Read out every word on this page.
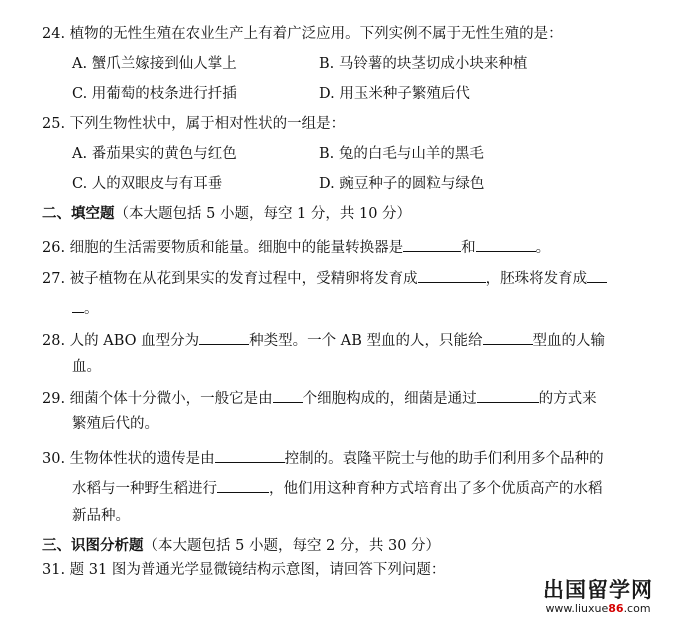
24. 植物的无性生殖在农业生产上有着广泛应用。下列实例不属于无性生殖的是：
A. 蟹爪兰嫁接到仙人掌上	B. 马铃薯的块茎切成小块来种植
C. 用葡萄的枝条进行扦插	D. 用玉米种子繁殖后代
25. 下列生物性状中，属于相对性状的一组是：
A. 番茄果实的黄色与红色	B. 兔的白毛与山羊的黑毛
C. 人的双眼皮与有耳垂	D. 豌豆种子的圆粒与绿色
二、填空题（本大题包括 5 小题，每空 1 分，共 10 分）
26. 细胞的生活需要物质和能量。细胞中的能量转换器是	和	。
27. 被子植物在从花到果实的发育过程中，受精卵将发育成	，胚珠将发育成
。
28. 人的 ABO 血型分为	种类型。一个 AB 型血的人，只能给	型血的人输
血。
29. 细菌个体十分微小，一般它是由 个细胞构成的，细菌是通过	的方式来
繁殖后代的。
30. 生物体性状的遗传是由	控制的。袁隆平院士与他的助手们利用多个品种的
水稻与一种野生稻进行	，他们用这种育种方式培育出了多个优质高产的水稻
新品种。
三、识图分析题（本大题包括 5 小题，每空 2 分，共 30 分）
31. 题 31 图为普通光学显微镜结构示意图，请回答下列问题：
出国留学网
www.liuxue86.com
